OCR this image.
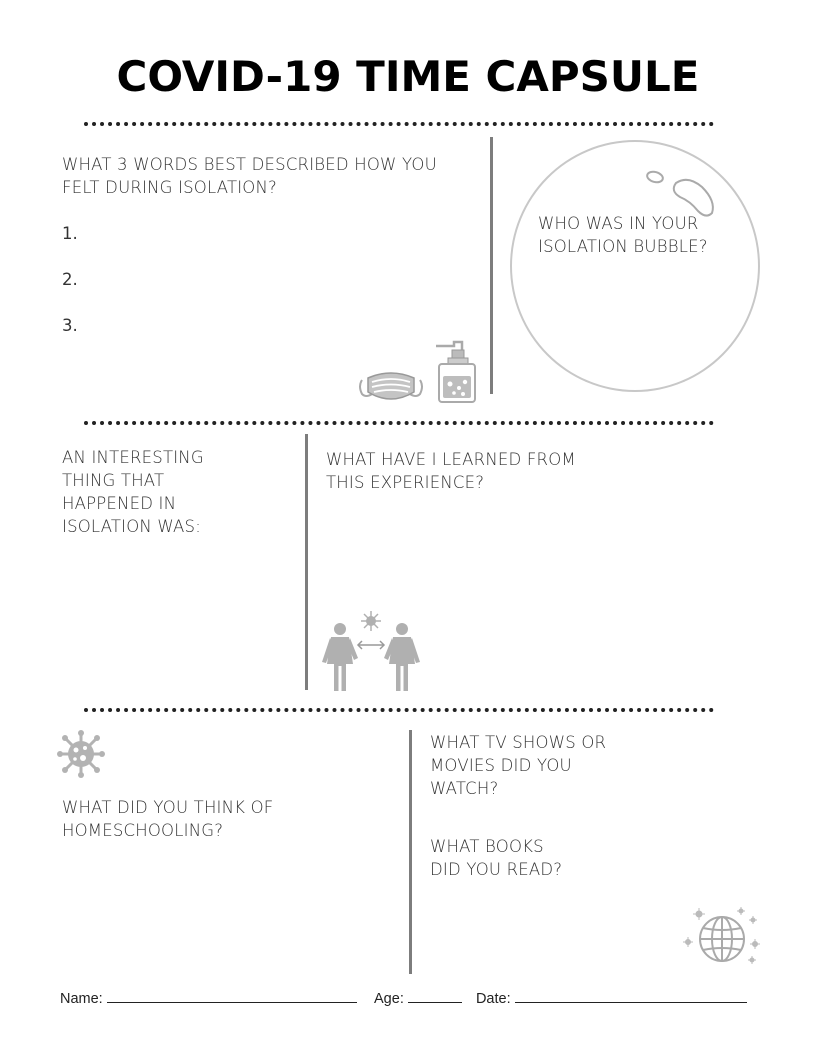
COVID-19 TIME CAPSULE

WHAT 3 WORDS BEST DESCRIBED HOW YOU FELT DURING ISOLATION?

1.

2.

3.

WHO WAS IN YOUR ISOLATION BUBBLE?

AN INTERESTING THING THAT HAPPENED IN ISOLATION WAS:

WHAT HAVE I LEARNED FROM THIS EXPERIENCE?

WHAT DID YOU THINK OF HOMESCHOOLING?

WHAT TV SHOWS OR MOVIES DID YOU WATCH?

WHAT BOOKS DID YOU READ?

Name:	Age:	Date:
